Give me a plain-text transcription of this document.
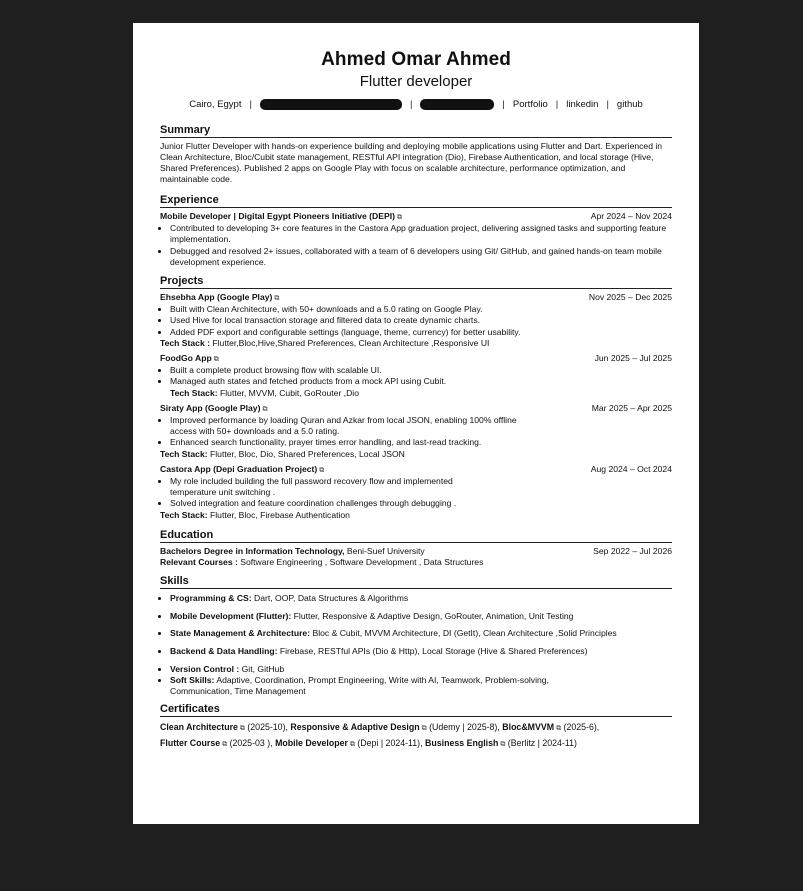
Ahmed Omar Ahmed
Flutter developer
Cairo, Egypt |	|	| Portfolio | linkedin | github
Summary
Junior Flutter Developer with hands-on experience building and deploying mobile applications using Flutter and Dart. Experienced in Clean Architecture, Bloc/Cubit state management, RESTful API integration (Dio), Firebase Authentication, and local storage (Hive, Shared Preferences). Published 2 apps on Google Play with focus on scalable architecture, performance optimization, and maintainable code.
Experience
Mobile Developer | Digital Egypt Pioneers Initiative (DEPI) ⧉	Apr 2024 – Nov 2024
• Contributed to developing 3+ core features in the Castora App graduation project, delivering assigned tasks and supporting feature implementation.
• Debugged and resolved 2+ issues, collaborated with a team of 6 developers using Git/ GitHub, and gained hands-on team mobile development experience.
Projects
Ehsebha App (Google Play) ⧉	Nov 2025 – Dec 2025
• Built with Clean Architecture, with 50+ downloads and a 5.0 rating on Google Play.
• Used Hive for local transaction storage and filtered data to create dynamic charts.
• Added PDF export and configurable settings (language, theme, currency) for better usability.
Tech Stack : Flutter,Bloc,Hive,Shared Preferences, Clean Architecture ,Responsive UI
FoodGo App ⧉	Jun 2025 – Jul 2025
• Built a complete product browsing flow with scalable UI.
• Managed auth states and fetched products from a mock API using Cubit.
Tech Stack: Flutter, MVVM, Cubit, GoRouter ,Dio
Siraty App (Google Play) ⧉	Mar 2025 – Apr 2025
• Improved performance by loading Quran and Azkar from local JSON, enabling 100% offline access with 50+ downloads and a 5.0 rating.
• Enhanced search functionality, prayer times error handling, and last-read tracking.
Tech Stack: Flutter, Bloc, Dio, Shared Preferences, Local JSON
Castora App (Depi Graduation Project) ⧉	Aug 2024 – Oct 2024
• My role included building the full password recovery flow and implemented temperature unit switching .
• Solved integration and feature coordination challenges through debugging .
Tech Stack: Flutter, Bloc, Firebase Authentication
Education
Bachelors Degree in Information Technology, Beni-Suef University	Sep 2022 – Jul 2026
Relevant Courses : Software Engineering , Software Development , Data Structures
Skills
• Programming & CS: Dart, OOP, Data Structures & Algorithms
• Mobile Development (Flutter): Flutter, Responsive & Adaptive Design, GoRouter, Animation, Unit Testing
• State Management & Architecture: Bloc & Cubit, MVVM Architecture, DI (GetIt), Clean Architecture ,Solid Principles
• Backend & Data Handling: Firebase, RESTful APIs (Dio & Http), Local Storage (Hive & Shared Preferences)
• Version Control : Git, GitHub
• Soft Skills: Adaptive, Coordination, Prompt Engineering, Write with AI, Teamwork, Problem-solving, Communication, Time Management
Certificates
Clean Architecture ⧉ (2025-10), Responsive & Adaptive Design ⧉ (Udemy | 2025-8), Bloc&MVVM ⧉ (2025-6),
Flutter Course ⧉ (2025-03 ), Mobile Developer ⧉ (Depi | 2024-11), Business English ⧉ (Berlitz | 2024-11)
